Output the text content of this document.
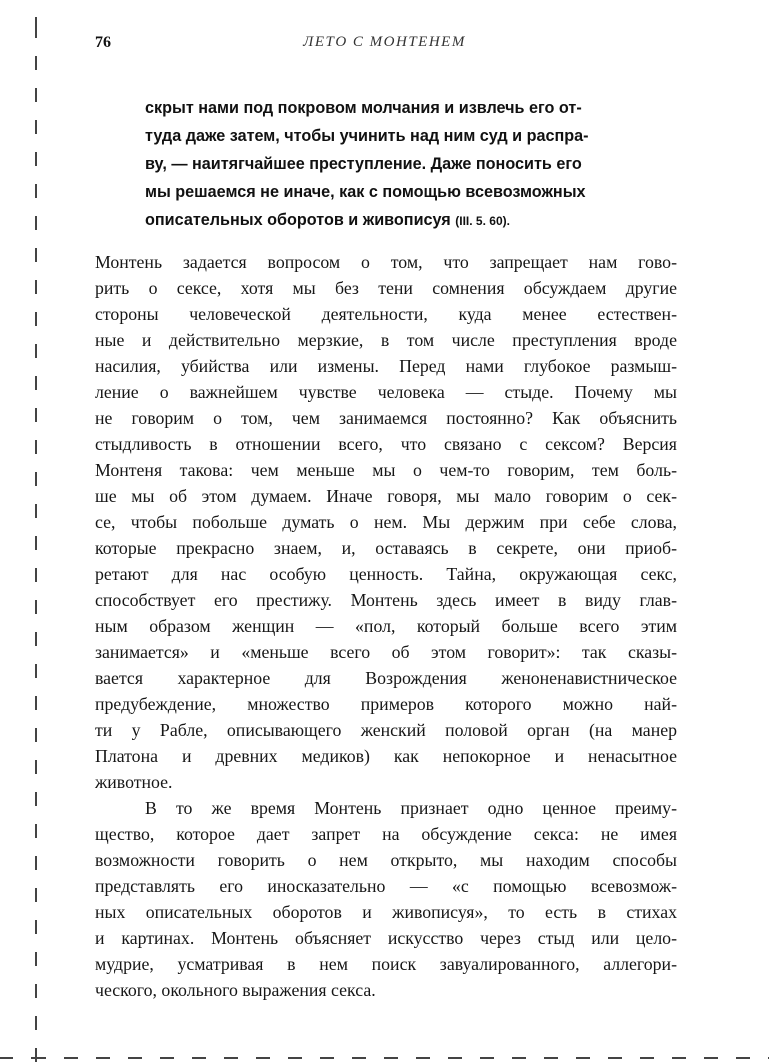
76	ЛЕТО С МОНТЕНЕМ
скрыт нами под покровом молчания и извлечь его от-
туда даже затем, чтобы учинить над ним суд и распра-
ву, — наитягчайшее преступление. Даже поносить его
мы решаемся не иначе, как с помощью всевозможных
описательных оборотов и живописуя (III. 5. 60).
Монтень задается вопросом о том, что запрещает нам гово-
рить о сексе, хотя мы без тени сомнения обсуждаем другие
стороны человеческой деятельности, куда менее естествен-
ные и действительно мерзкие, в том числе преступления вроде
насилия, убийства или измены. Перед нами глубокое размыш-
ление о важнейшем чувстве человека — стыде. Почему мы
не говорим о том, чем занимаемся постоянно? Как объяснить
стыдливость в отношении всего, что связано с сексом? Версия
Монтеня такова: чем меньше мы о чем-то говорим, тем боль-
ше мы об этом думаем. Иначе говоря, мы мало говорим о сек-
се, чтобы побольше думать о нем. Мы держим при себе слова,
которые прекрасно знаем, и, оставаясь в секрете, они приоб-
ретают для нас особую ценность. Тайна, окружающая секс,
способствует его престижу. Монтень здесь имеет в виду глав-
ным образом женщин — «пол, который больше всего этим
занимается» и «меньше всего об этом говорит»: так сказы-
вается характерное для Возрождения женоненавистническое
предубеждение, множество примеров которого можно най-
ти у Рабле, описывающего женский половой орган (на манер
Платона и древних медиков) как непокорное и ненасытное
животное.
В то же время Монтень признает одно ценное преиму-
щество, которое дает запрет на обсуждение секса: не имея
возможности говорить о нем открыто, мы находим способы
представлять его иносказательно — «с помощью всевозмож-
ных описательных оборотов и живописуя», то есть в стихах
и картинах. Монтень объясняет искусство через стыд или цело-
мудрие, усматривая в нем поиск завуалированного, аллегори-
ческого, окольного выражения секса.
